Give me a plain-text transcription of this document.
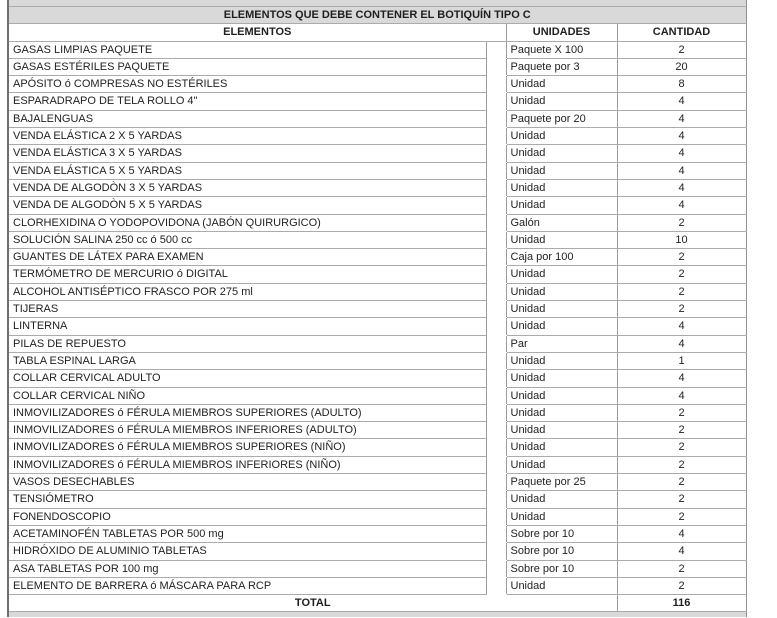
ELEMENTOS QUE DEBE CONTENER EL BOTIQUÍN TIPO C			
ELEMENTOS		UNIDADES	CANTIDAD
GASAS LIMPIAS PAQUETE		Paquete X 100	2
GASAS ESTÉRILES PAQUETE		Paquete por 3	20
APÓSITO ó COMPRESAS NO ESTÉRILES		Unidad	8
ESPARADRAPO DE TELA ROLLO 4"		Unidad	4
BAJALENGUAS		Paquete por 20	4
VENDA ELÁSTICA 2 X 5 YARDAS		Unidad	4
VENDA ELÁSTICA 3 X 5 YARDAS		Unidad	4
VENDA ELÁSTICA 5 X 5 YARDAS		Unidad	4
VENDA DE ALGODÒN 3 X 5 YARDAS		Unidad	4
VENDA DE ALGODÒN 5 X 5 YARDAS		Unidad	4
CLORHEXIDINA O YODOPOVIDONA (JABÓN QUIRURGICO)		Galón	2
SOLUCIÓN SALINA 250 cc ó 500 cc		Unidad	10
GUANTES DE LÁTEX PARA EXAMEN		Caja por 100	2
TERMÓMETRO DE MERCURIO ó DIGITAL		Unidad	2
ALCOHOL ANTISÉPTICO FRASCO POR 275 ml		Unidad	2
TIJERAS		Unidad	2
LINTERNA		Unidad	4
PILAS DE REPUESTO		Par	4
TABLA ESPINAL LARGA		Unidad	1
COLLAR CERVICAL ADULTO		Unidad	4
COLLAR CERVICAL NIÑO		Unidad	4
INMOVILIZADORES ó FÉRULA MIEMBROS SUPERIORES (ADULTO)		Unidad	2
INMOVILIZADORES ó FÉRULA MIEMBROS INFERIORES (ADULTO)		Unidad	2
INMOVILIZADORES ó FÉRULA MIEMBROS SUPERIORES (NIÑO)		Unidad	2
INMOVILIZADORES ó FÉRULA MIEMBROS INFERIORES (NIÑO)		Unidad	2
VASOS DESECHABLES		Paquete por 25	2
TENSIÓMETRO		Unidad	2
FONENDOSCOPIO		Unidad	2
ACETAMINOFÉN TABLETAS POR 500 mg		Sobre por 10	4
HIDRÓXIDO DE ALUMINIO TABLETAS		Sobre por 10	4
ASA TABLETAS POR 100 mg		Sobre por 10	2
ELEMENTO DE BARRERA ó MÁSCARA PARA RCP		Unidad	2
TOTAL			116
